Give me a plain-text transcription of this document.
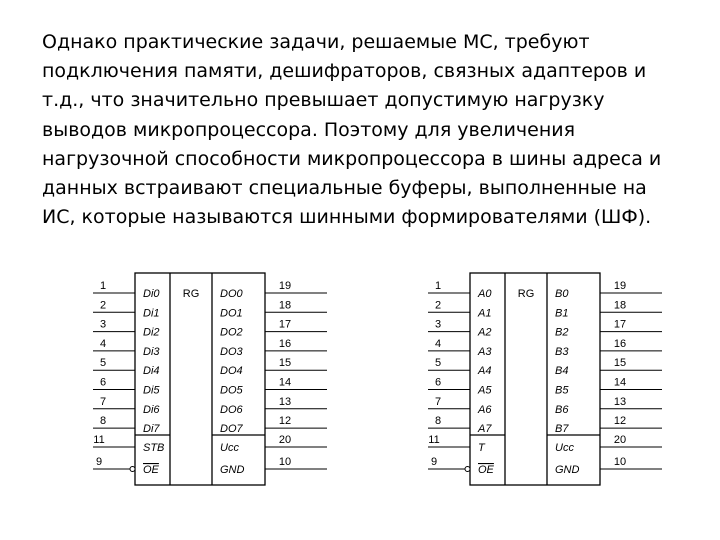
Однако практические задачи, решаемые МС, требуют
подключения памяти, дешифраторов, связных адаптеров и
т.д., что значительно превышает допустимую нагрузку
выводов микропроцессора. Поэтому для увеличения
нагрузочной способности микропроцессора в шины адреса и
данных встраивают специальные буферы, выполненные на
ИС, которые называются шинными формирователями (ШФ).

RG
1
Di0
2
Di1
3
Di2
4
Di3
5
Di4
6
Di5
7
Di6
8
Di7
19
DO0
18
DO1
17
DO2
16
DO3
15
DO4
14
DO5
13
DO6
12
DO7
11
STB
9
OE
20
Ucc
10
GND
RG
1
A0
2
A1
3
A2
4
A3
5
A4
6
A5
7
A6
8
A7
19
B0
18
B1
17
B2
16
B3
15
B4
14
B5
13
B6
12
B7
11
T
9
OE
20
Ucc
10
GND
